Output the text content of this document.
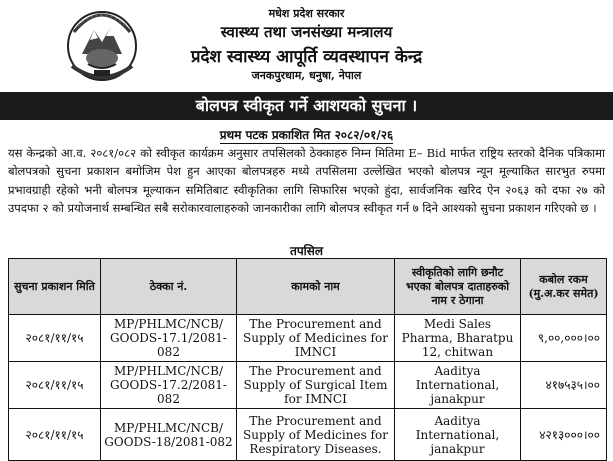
मधेश प्रदेश सरकार
स्वास्थ्य तथा जनसंख्या मन्त्रालय
प्रदेश स्वास्थ्य आपूर्ति व्यवस्थापन केन्द्र
जनकपुरधाम, धनुषा, नेपाल
बोलपत्र स्वीकृत गर्ने आशयको सुचना ।
प्रथम पटक प्रकाशित मित २०८२/०१/२६

यस केन्द्रको आ.व. २०८१/०८२ को स्वीकृत कार्यक्रम अनुसार तपसिलको ठेक्काहरु निम्न मितिमा E– Bid मार्फत राष्ट्रिय स्तरको दैनिक पत्रिकामा बोलपत्रको सुचना प्रकाशन बमोजिम पेश हुन आएका बोलपत्रहरु मध्ये तपसिलमा उल्लेखित भएको बोलपत्र न्यून मूल्याकित सारभुत रुपमा प्रभावग्राही रहेको भनी बोलपत्र मूल्याकन समितिबाट स्वीकृतिका लागि सिफारिस भएको हुंदा, सार्वजनिक खरिद ऐन २०६३ को दफा २७ को उपदफा २ को प्रयोजनार्थ सम्बन्धित सबै सरोकारवालाहरुको जानकारीका लागि बोलपत्र स्वीकृत गर्न ७ दिने आश्यको सुचना प्रकाशन गरिएको छ ।

तपसिल
सुचना प्रकाशन मिति	ठेक्का नं.	कामको नाम	स्वीकृतिको लागि छनौट भएका बोलपत्र दाताहरुको नाम र ठेगाना	कबोल रकम (मु.अ.कर समेत)
२०८१/११/१५	MP/PHLMC/NCB/ GOODS-17.1/2081-082	The Procurement and Supply of Medicines for IMNCI	Medi Sales Pharma, Bharatpu 12, chitwan	९,००,०००।००
२०८१/११/१५	MP/PHLMC/NCB/ GOODS-17.2/2081-082	The Procurement and Supply of Surgical Item for IMNCI	Aaditya International, janakpur	४१७५३५।००
२०८१/११/१५	MP/PHLMC/NCB/ GOODS-18/2081-082	The Procurement and Supply of Medicines for Respiratory Diseases.	Aaditya International, janakpur	४२१३०००।००
